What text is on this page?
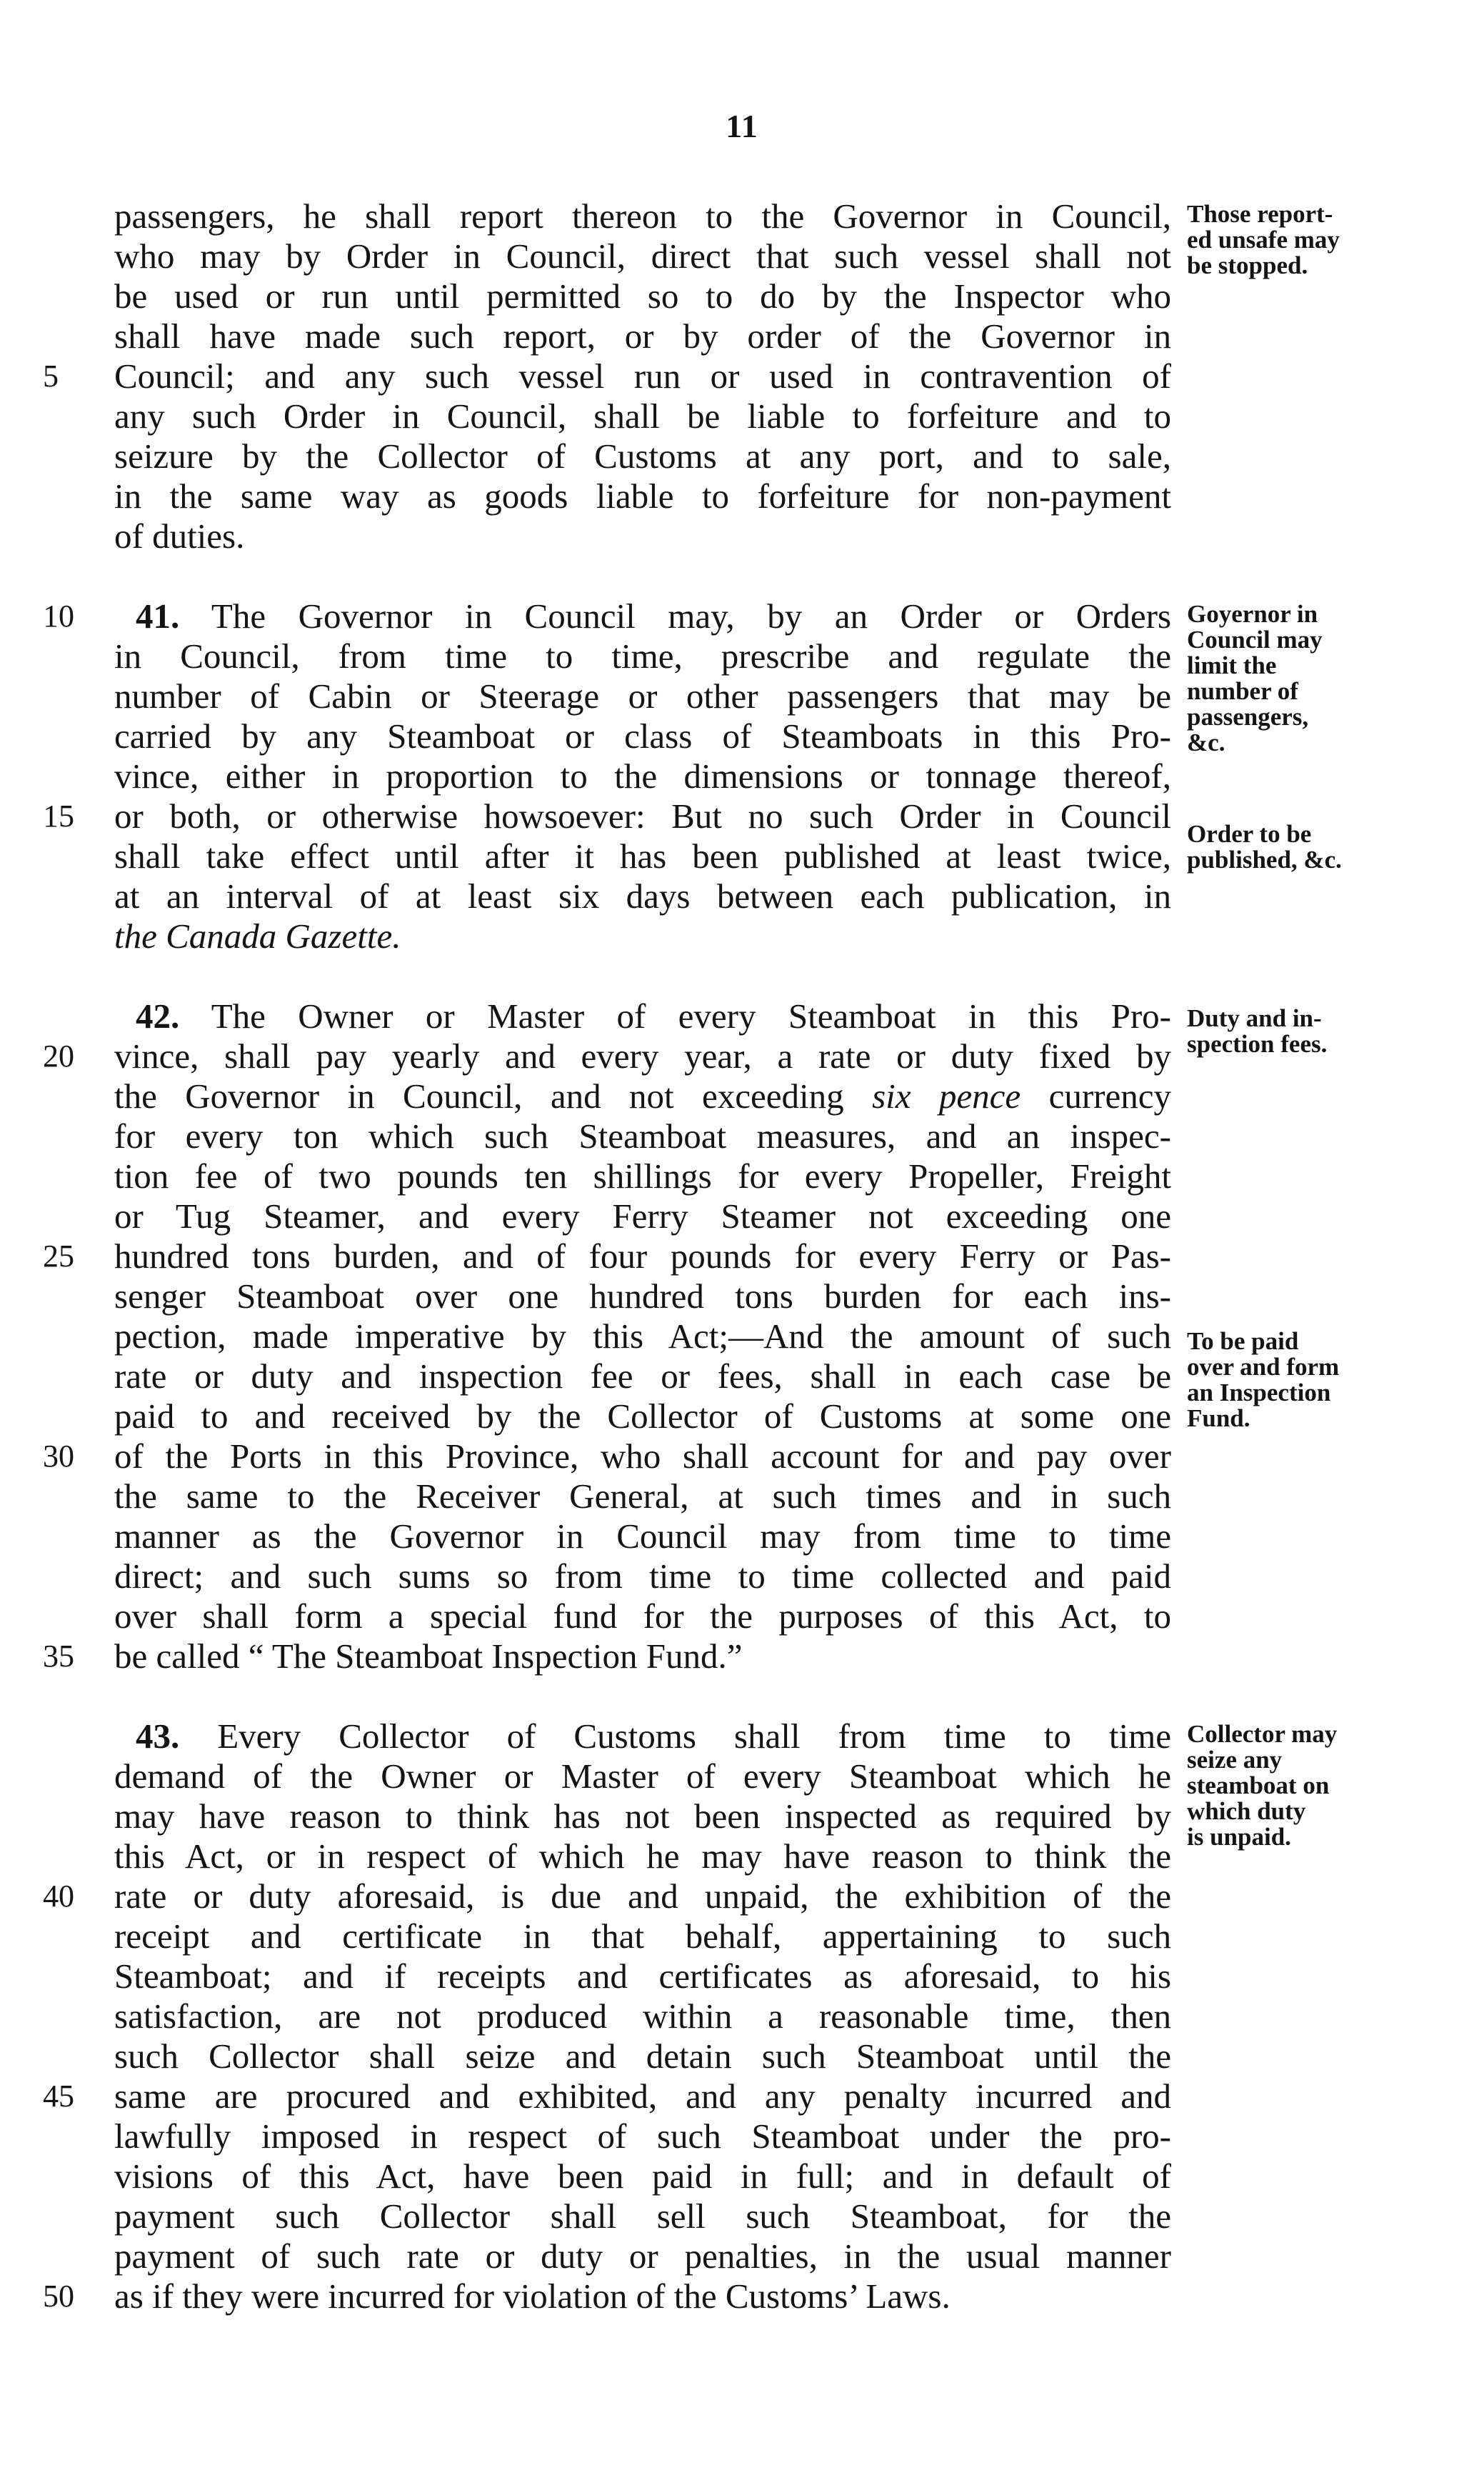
11
passengers, he shall report thereon to the Governor in Council,
who may by Order in Council, direct that such vessel shall not
be used or run until permitted so to do by the Inspector who
shall have made such report, or by order of the Governor in
Council; and any such vessel run or used in contravention of
any such Order in Council, shall be liable to forfeiture and to
seizure by the Collector of Customs at any port, and to sale,
in the same way as goods liable to forfeiture for non-payment
of duties.
41. The Governor in Council may, by an Order or Orders
in Council, from time to time, prescribe and regulate the
number of Cabin or Steerage or other passengers that may be
carried by any Steamboat or class of Steamboats in this Pro-
vince, either in proportion to the dimensions or tonnage thereof,
or both, or otherwise howsoever: But no such Order in Council
shall take effect until after it has been published at least twice,
at an interval of at least six days between each publication, in
the Canada Gazette.
42. The Owner or Master of every Steamboat in this Pro-
vince, shall pay yearly and every year, a rate or duty fixed by
the Governor in Council, and not exceeding six pence currency
for every ton which such Steamboat measures, and an inspec-
tion fee of two pounds ten shillings for every Propeller, Freight
or Tug Steamer, and every Ferry Steamer not exceeding one
hundred tons burden, and of four pounds for every Ferry or Pas-
senger Steamboat over one hundred tons burden for each ins-
pection, made imperative by this Act;—And the amount of such
rate or duty and inspection fee or fees, shall in each case be
paid to and received by the Collector of Customs at some one
of the Ports in this Province, who shall account for and pay over
the same to the Receiver General, at such times and in such
manner as the Governor in Council may from time to time
direct; and such sums so from time to time collected and paid
over shall form a special fund for the purposes of this Act, to
be called “ The Steamboat Inspection Fund.”
43. Every Collector of Customs shall from time to time
demand of the Owner or Master of every Steamboat which he
may have reason to think has not been inspected as required by
this Act, or in respect of which he may have reason to think the
rate or duty aforesaid, is due and unpaid, the exhibition of the
receipt and certificate in that behalf, appertaining to such
Steamboat; and if receipts and certificates as aforesaid, to his
satisfaction, are not produced within a reasonable time, then
such Collector shall seize and detain such Steamboat until the
same are procured and exhibited, and any penalty incurred and
lawfully imposed in respect of such Steamboat under the pro-
visions of this Act, have been paid in full; and in default of
payment such Collector shall sell such Steamboat, for the
payment of such rate or duty or penalties, in the usual manner
as if they were incurred for violation of the Customs’ Laws.
5
10
15
20
25
30
35
40
45
50
Those report-
ed unsafe may
be stopped.
Goyernor in
Council may
limit the
number of
passengers,
&c.
Order to be
published, &c.
Duty and in-
spection fees.
To be paid
over and form
an Inspection
Fund.
Collector may
seize any
steamboat on
which duty
is unpaid.
